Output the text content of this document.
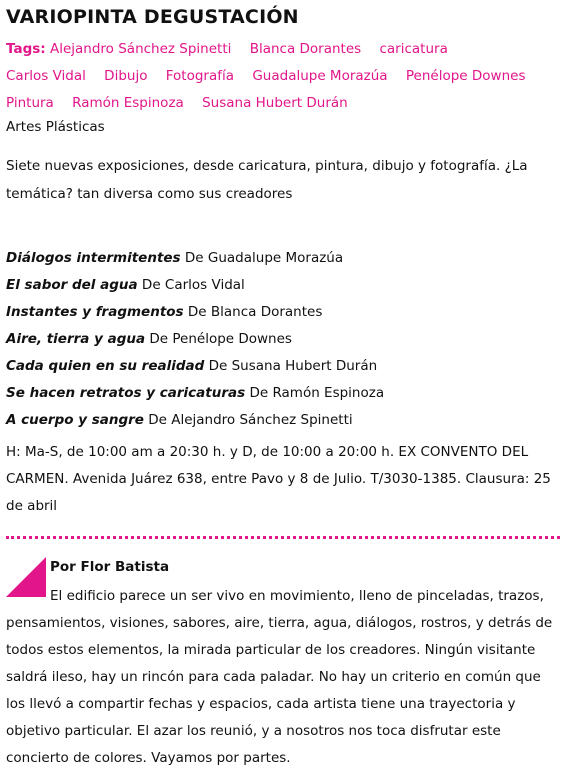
VARIOPINTA DEGUSTACIÓN
Tags: Alejandro Sánchez Spinetti Blanca Dorantes caricatura Carlos Vidal Dibujo Fotografía Guadalupe Morazúa Penélope Downes Pintura Ramón Espinoza Susana Hubert Durán
Artes Plásticas

Siete nuevas exposiciones, desde caricatura, pintura, dibujo y fotografía. ¿La temática? tan diversa como sus creadores

Diálogos intermitentes De Guadalupe Morazúa
El sabor del agua De Carlos Vidal
Instantes y fragmentos De Blanca Dorantes
Aire, tierra y agua De Penélope Downes
Cada quien en su realidad De Susana Hubert Durán
Se hacen retratos y caricaturas De Ramón Espinoza
A cuerpo y sangre De Alejandro Sánchez Spinetti

H: Ma-S, de 10:00 am a 20:30 h. y D, de 10:00 a 20:00 h. EX CONVENTO DEL CARMEN. Avenida Juárez 638, entre Pavo y 8 de Julio. T/3030-1385. Clausura: 25 de abril

Por Flor Batista

El edificio parece un ser vivo en movimiento, lleno de pinceladas, trazos, pensamientos, visiones, sabores, aire, tierra, agua, diálogos, rostros, y detrás de todos estos elementos, la mirada particular de los creadores. Ningún visitante saldrá ileso, hay un rincón para cada paladar. No hay un criterio en común que los llevó a compartir fechas y espacios, cada artista tiene una trayectoria y objetivo particular. El azar los reunió, y a nosotros nos toca disfrutar este concierto de colores. Vayamos por partes.
